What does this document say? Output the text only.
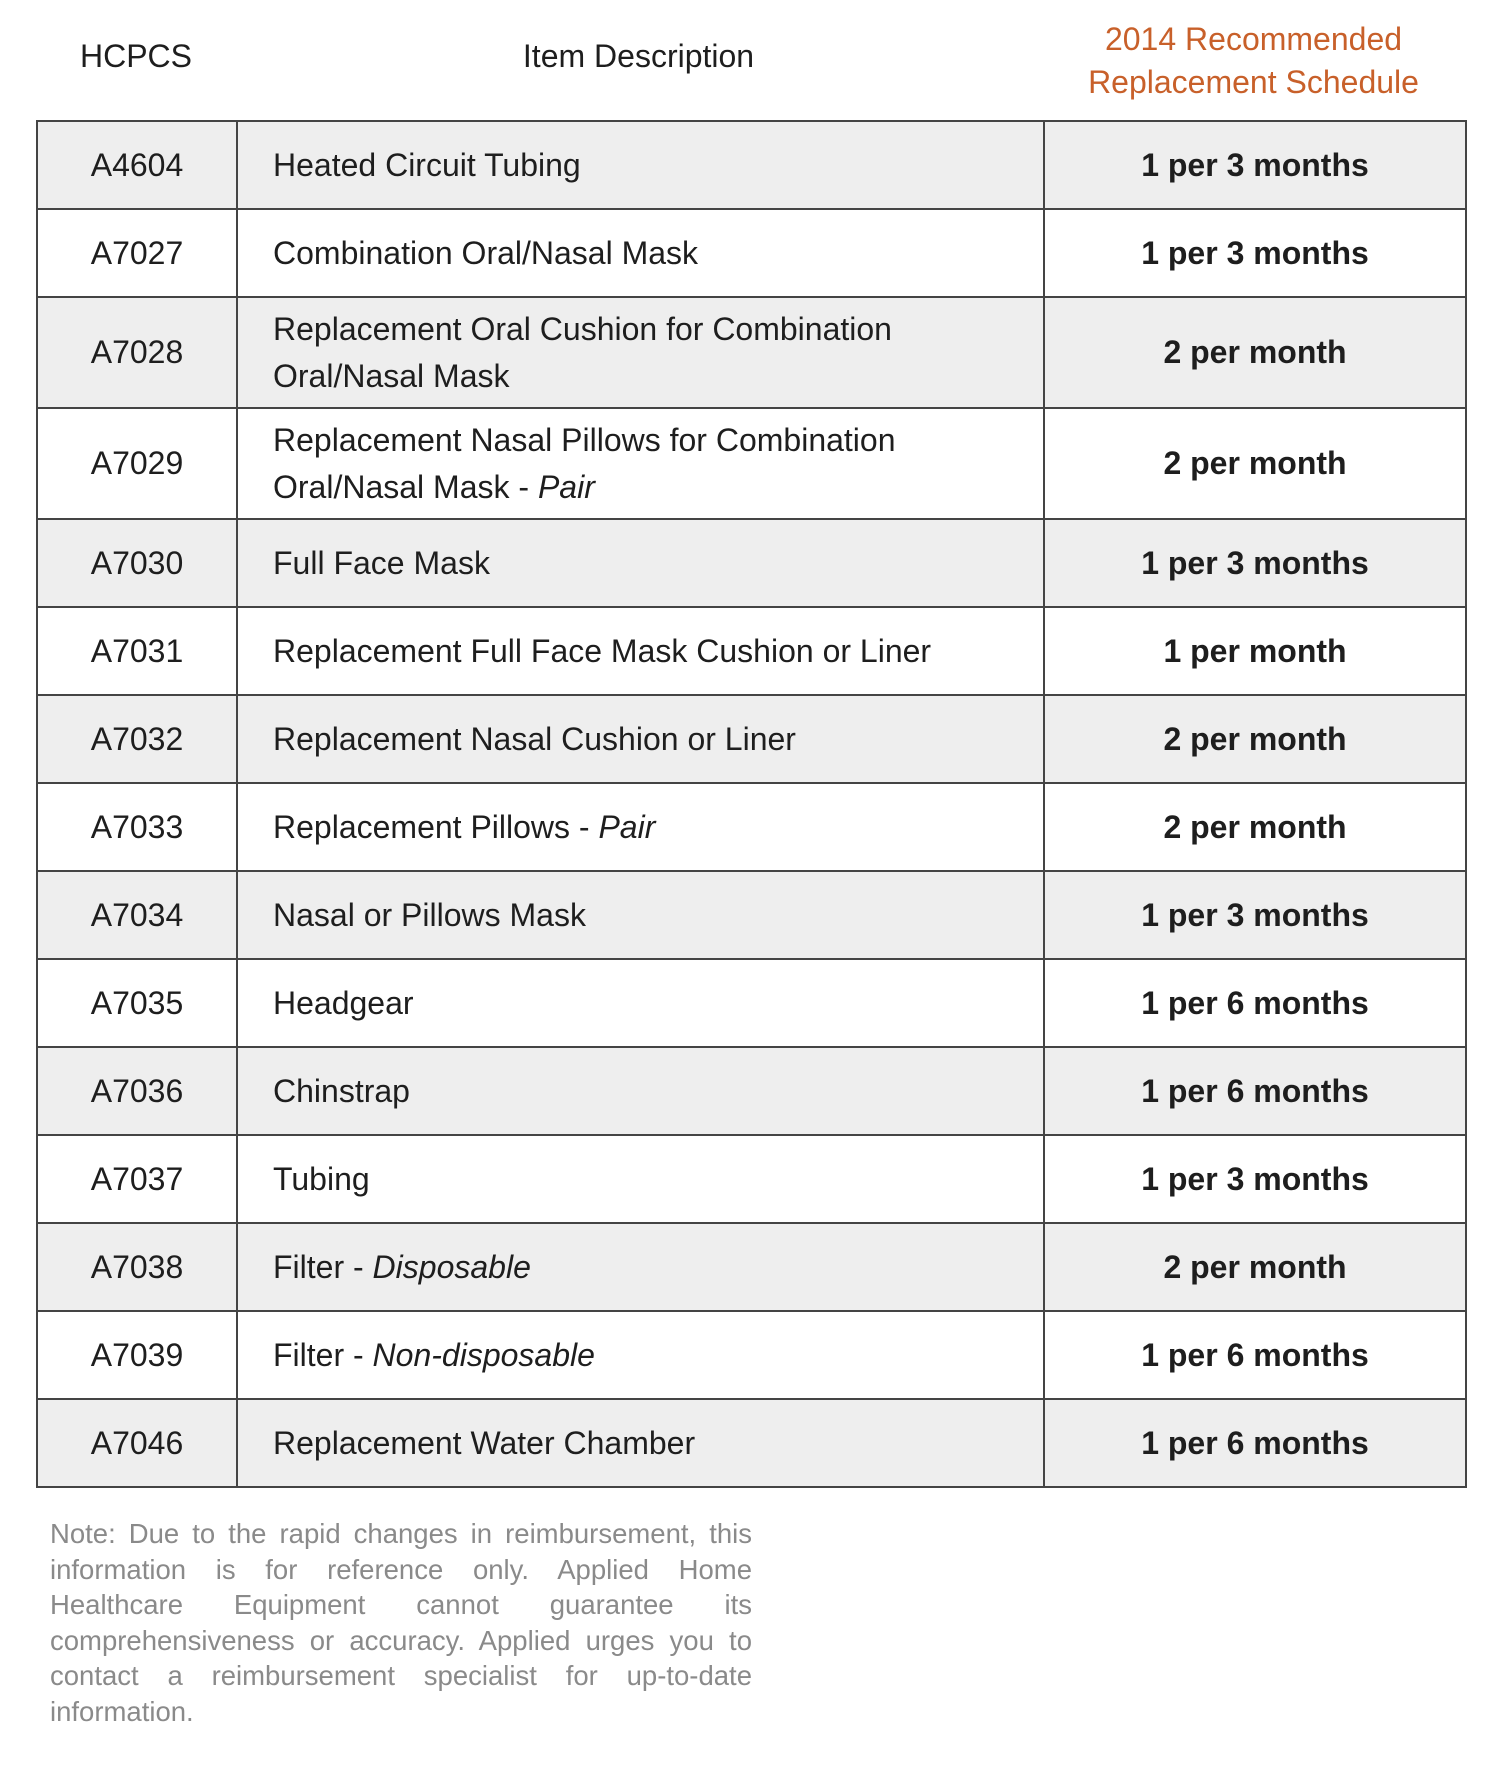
HCPCS	Item Description	2014 Recommended
Replacement Schedule
A4604	Heated Circuit Tubing	1 per 3 months
A7027	Combination Oral/Nasal Mask	1 per 3 months
A7028	Replacement Oral Cushion for Combination Oral/Nasal Mask	2 per month
A7029	Replacement Nasal Pillows for Combination Oral/Nasal Mask - Pair	2 per month
A7030	Full Face Mask	1 per 3 months
A7031	Replacement Full Face Mask Cushion or Liner	1 per month
A7032	Replacement Nasal Cushion or Liner	2 per month
A7033	Replacement Pillows - Pair	2 per month
A7034	Nasal or Pillows Mask	1 per 3 months
A7035	Headgear	1 per 6 months
A7036	Chinstrap	1 per 6 months
A7037	Tubing	1 per 3 months
A7038	Filter - Disposable	2 per month
A7039	Filter - Non-disposable	1 per 6 months
A7046	Replacement Water Chamber	1 per 6 months
Note: Due to the rapid changes in reimbursement, this information is for reference only. Applied Home Healthcare Equipment cannot guarantee its comprehensiveness or accuracy. Applied urges you to contact a reimbursement specialist for up-to-date information.
